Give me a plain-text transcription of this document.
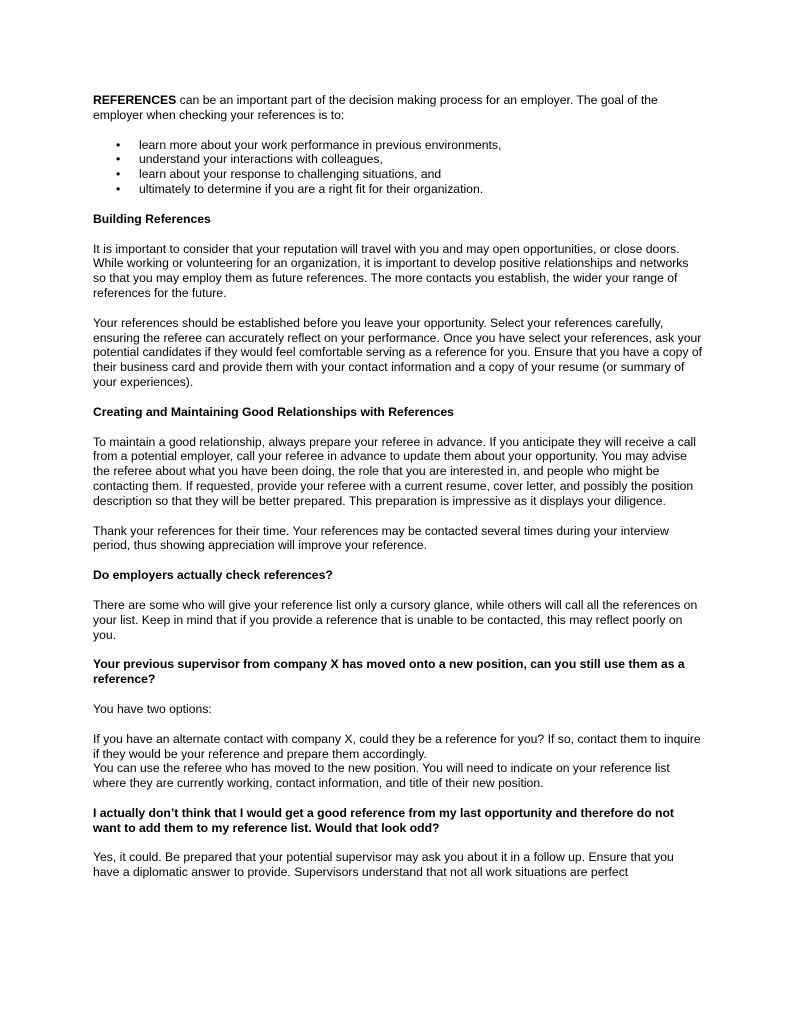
REFERENCES can be an important part of the decision making process for an employer. The goal of the employer when checking your references is to:

• learn more about your work performance in previous environments,
• understand your interactions with colleagues,
• learn about your response to challenging situations, and
• ultimately to determine if you are a right fit for their organization.

Building References

It is important to consider that your reputation will travel with you and may open opportunities, or close doors. While working or volunteering for an organization, it is important to develop positive relationships and networks so that you may employ them as future references. The more contacts you establish, the wider your range of references for the future.

Your references should be established before you leave your opportunity. Select your references carefully, ensuring the referee can accurately reflect on your performance. Once you have select your references, ask your potential candidates if they would feel comfortable serving as a reference for you. Ensure that you have a copy of their business card and provide them with your contact information and a copy of your resume (or summary of your experiences).

Creating and Maintaining Good Relationships with References

To maintain a good relationship, always prepare your referee in advance. If you anticipate they will receive a call from a potential employer, call your referee in advance to update them about your opportunity. You may advise the referee about what you have been doing, the role that you are interested in, and people who might be contacting them. If requested, provide your referee with a current resume, cover letter, and possibly the position description so that they will be better prepared. This preparation is impressive as it displays your diligence.

Thank your references for their time. Your references may be contacted several times during your interview period, thus showing appreciation will improve your reference.

Do employers actually check references?

There are some who will give your reference list only a cursory glance, while others will call all the references on your list. Keep in mind that if you provide a reference that is unable to be contacted, this may reflect poorly on you.

Your previous supervisor from company X has moved onto a new position, can you still use them as a reference?

You have two options:

If you have an alternate contact with company X, could they be a reference for you? If so, contact them to inquire if they would be your reference and prepare them accordingly.

You can use the referee who has moved to the new position. You will need to indicate on your reference list where they are currently working, contact information, and title of their new position.

I actually don’t think that I would get a good reference from my last opportunity and therefore do not want to add them to my reference list. Would that look odd?

Yes, it could. Be prepared that your potential supervisor may ask you about it in a follow up. Ensure that you have a diplomatic answer to provide. Supervisors understand that not all work situations are perfect
